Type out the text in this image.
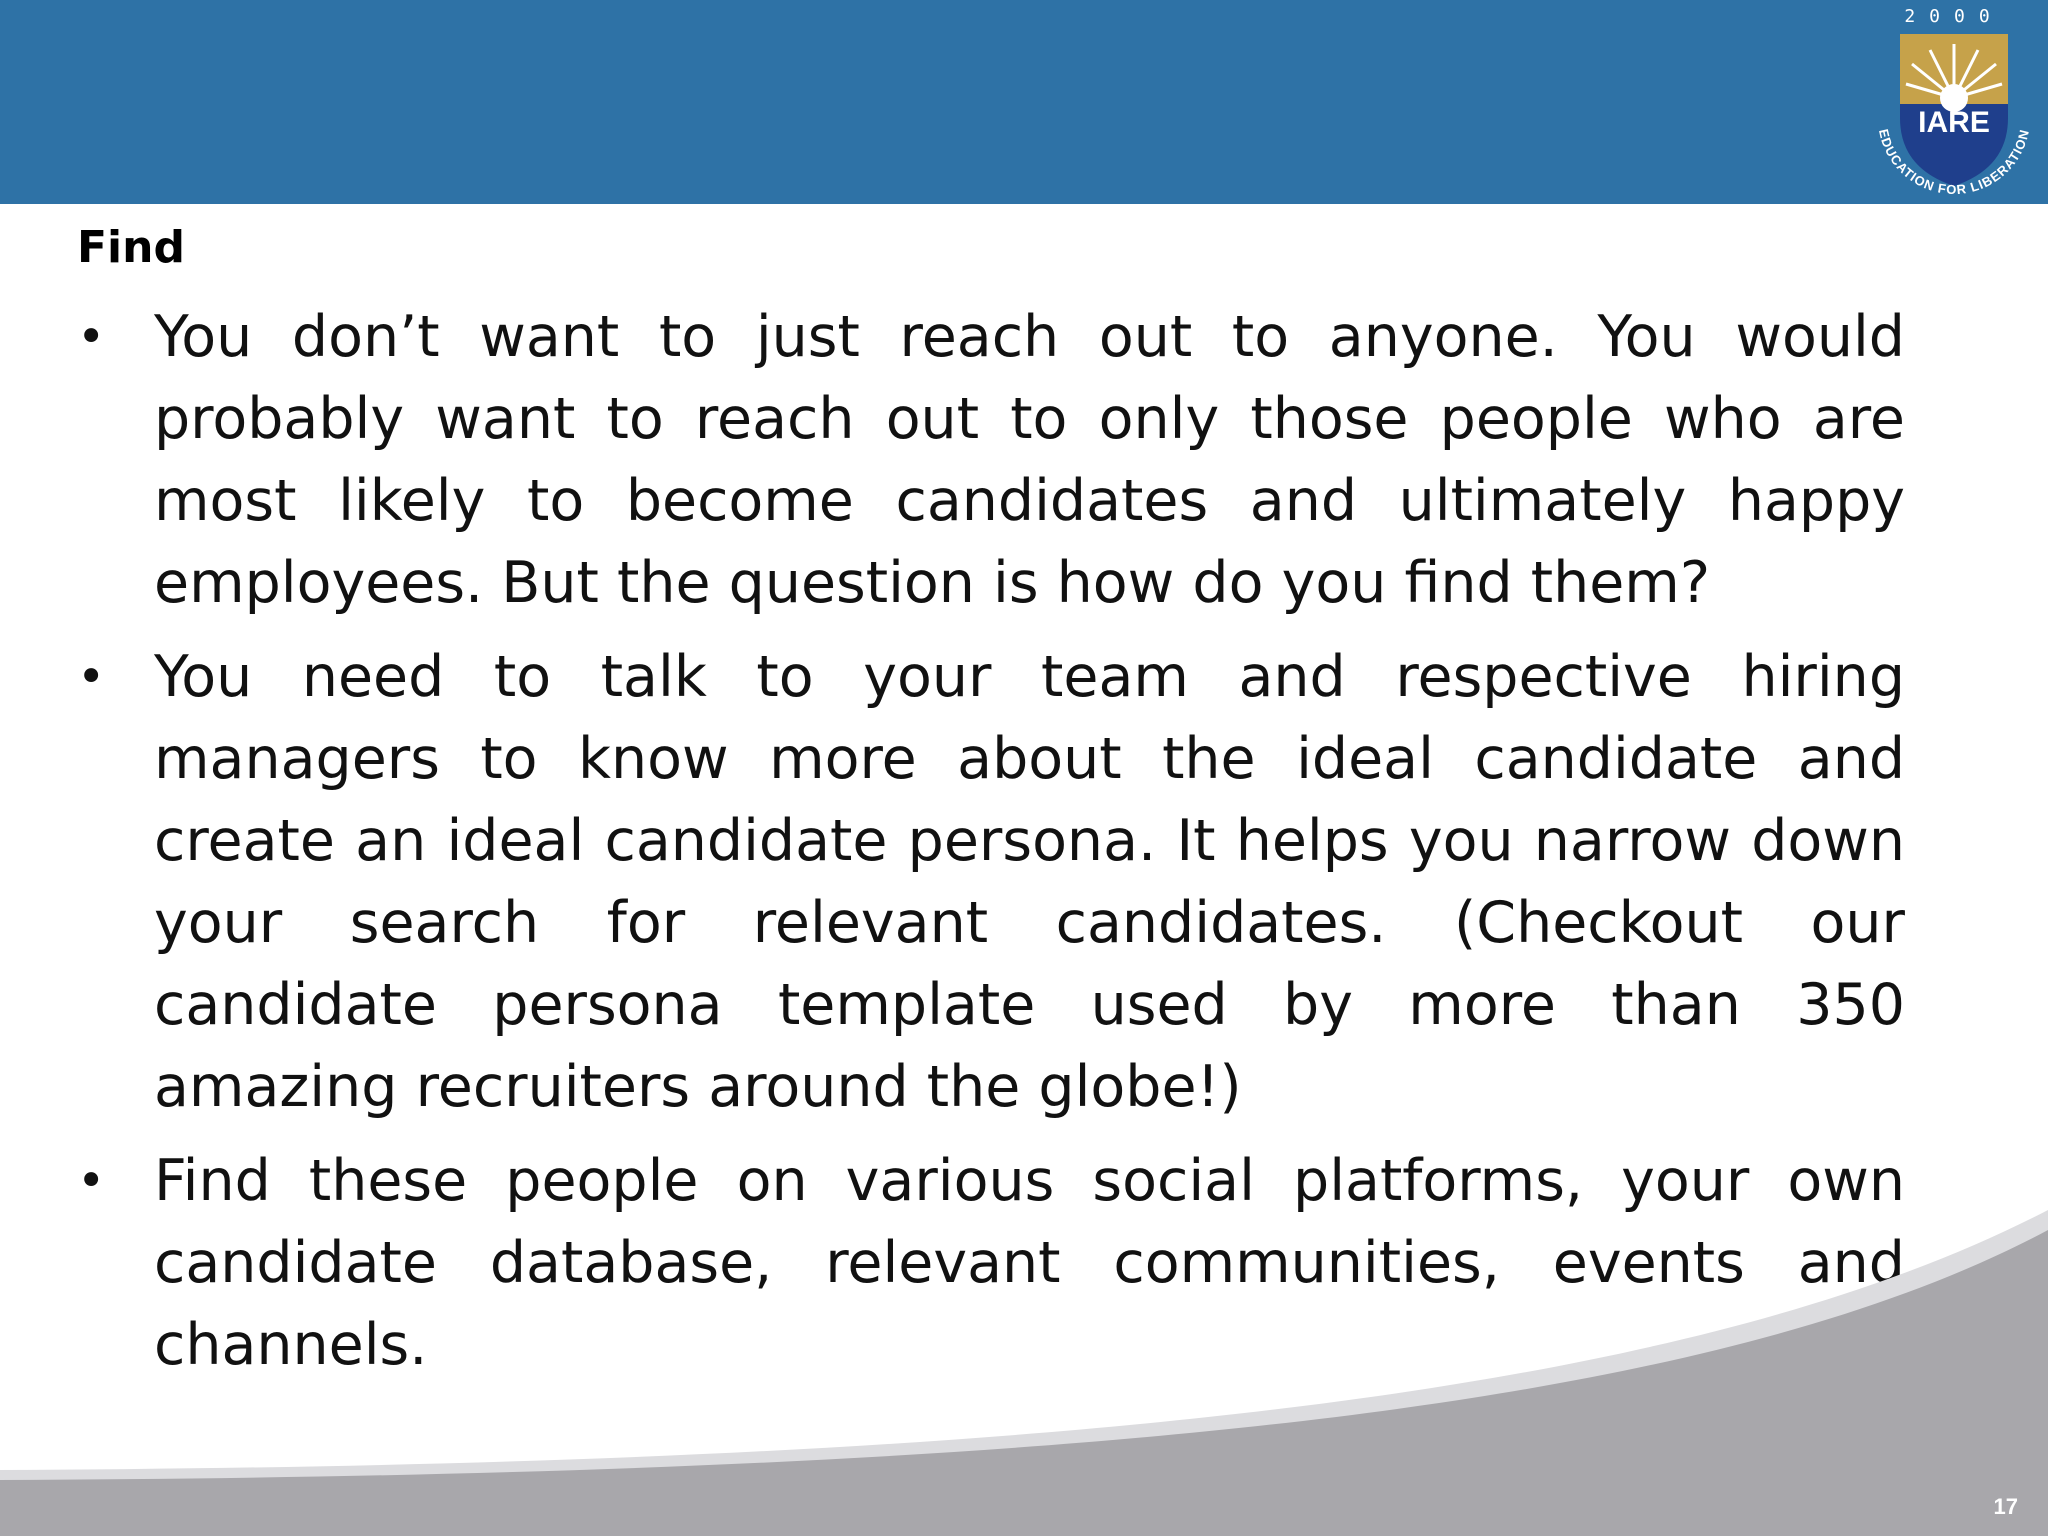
2000
IARE
EDUCATION FOR LIBERATION
Find
• You don’t want to just reach out to anyone. You would probably want to reach out to only those people who are most likely to become candidates and ultimately happy employees. But the question is how do you find them?
• You need to talk to your team and respective hiring managers to know more about the ideal candidate and create an ideal candidate persona. It helps you narrow down your search for relevant candidates. (Checkout our candidate persona template used by more than 350 amazing recruiters around the globe!)
• Find these people on various social platforms, your own candidate database, relevant communities, events and channels.
17
